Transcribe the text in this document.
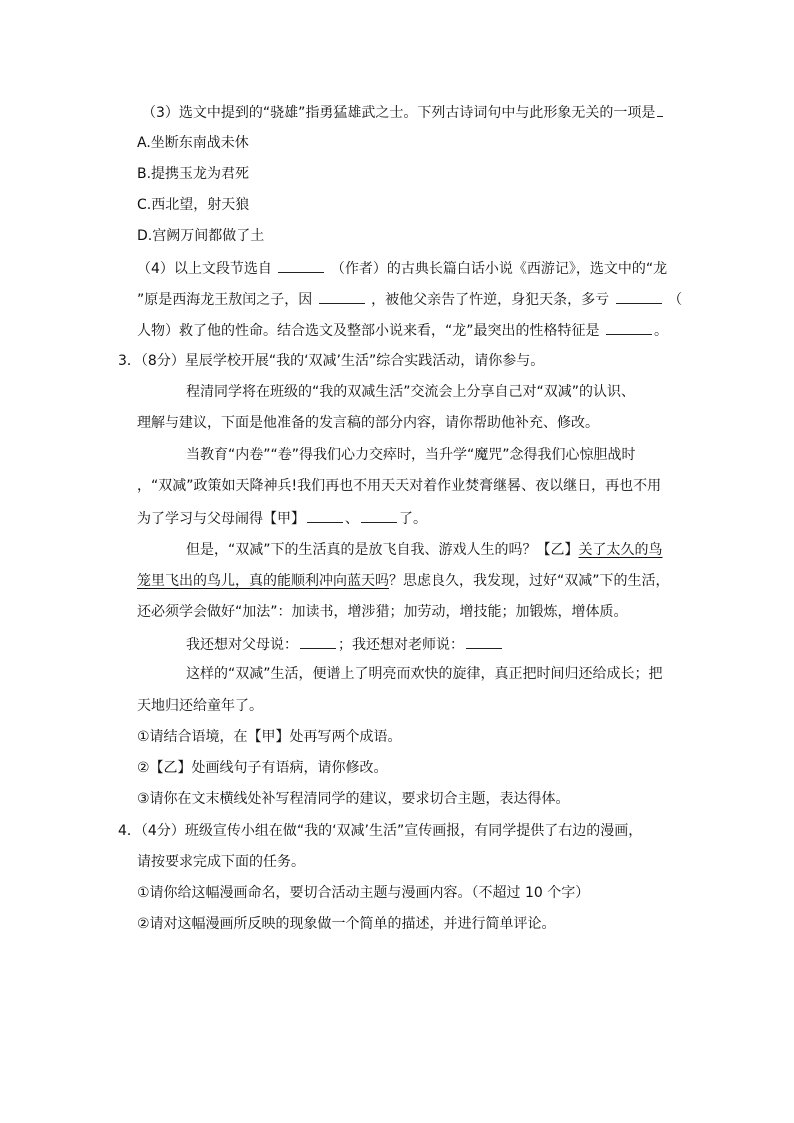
（3）选文中提到的“骁雄”指勇猛雄武之士。下列古诗词句中与此形象无关的一项是
A.坐断东南战未休
B.提携玉龙为君死
C.西北望，射天狼
D.宫阙万间都做了土
（4）以上文段节选自	（作者）的古典长篇白话小说《西游记》，选文中的“龙
”原是西海龙王敖闰之子，因	，被他父亲告了忤逆，身犯天条，多亏	（
人物）救了他的性命。结合选文及整部小说来看，“龙”最突出的性格特征是	。
3．（8分）星辰学校开展“我的‘双减’生活”综合实践活动，请你参与。
程清同学将在班级的“我的双减生活”交流会上分享自己对“双减”的认识、
理解与建议，下面是他准备的发言稿的部分内容，请你帮助他补充、修改。
当教育“内卷”“卷”得我们心力交瘁时，当升学“魔咒”念得我们心惊胆战时
，“双减”政策如天降神兵!我们再也不用天天对着作业焚膏继晷、夜以继日，再也不用
为了学习与父母闹得【甲】	、	了。
但是，“双减”下的生活真的是放飞自我、游戏人生的吗？【乙】关了太久的鸟
笼里飞出的鸟儿，真的能顺利冲向蓝天吗？思虑良久，我发现，过好“双减”下的生活，
还必须学会做好“加法”：加读书，增涉猎；加劳动，增技能；加锻炼，增体质。
我还想对父母说：	；我还想对老师说：
这样的“双减”生活，便谱上了明亮而欢快的旋律，真正把时间归还给成长；把
天地归还给童年了。
①请结合语境，在【甲】处再写两个成语。
②【乙】处画线句子有语病，请你修改。
③请你在文末横线处补写程清同学的建议，要求切合主题，表达得体。
4．（4分）班级宣传小组在做“我的‘双减’生活”宣传画报，有同学提供了右边的漫画，
请按要求完成下面的任务。
①请你给这幅漫画命名，要切合活动主题与漫画内容。（不超过 10 个字）
②请对这幅漫画所反映的现象做一个简单的描述，并进行简单评论。
